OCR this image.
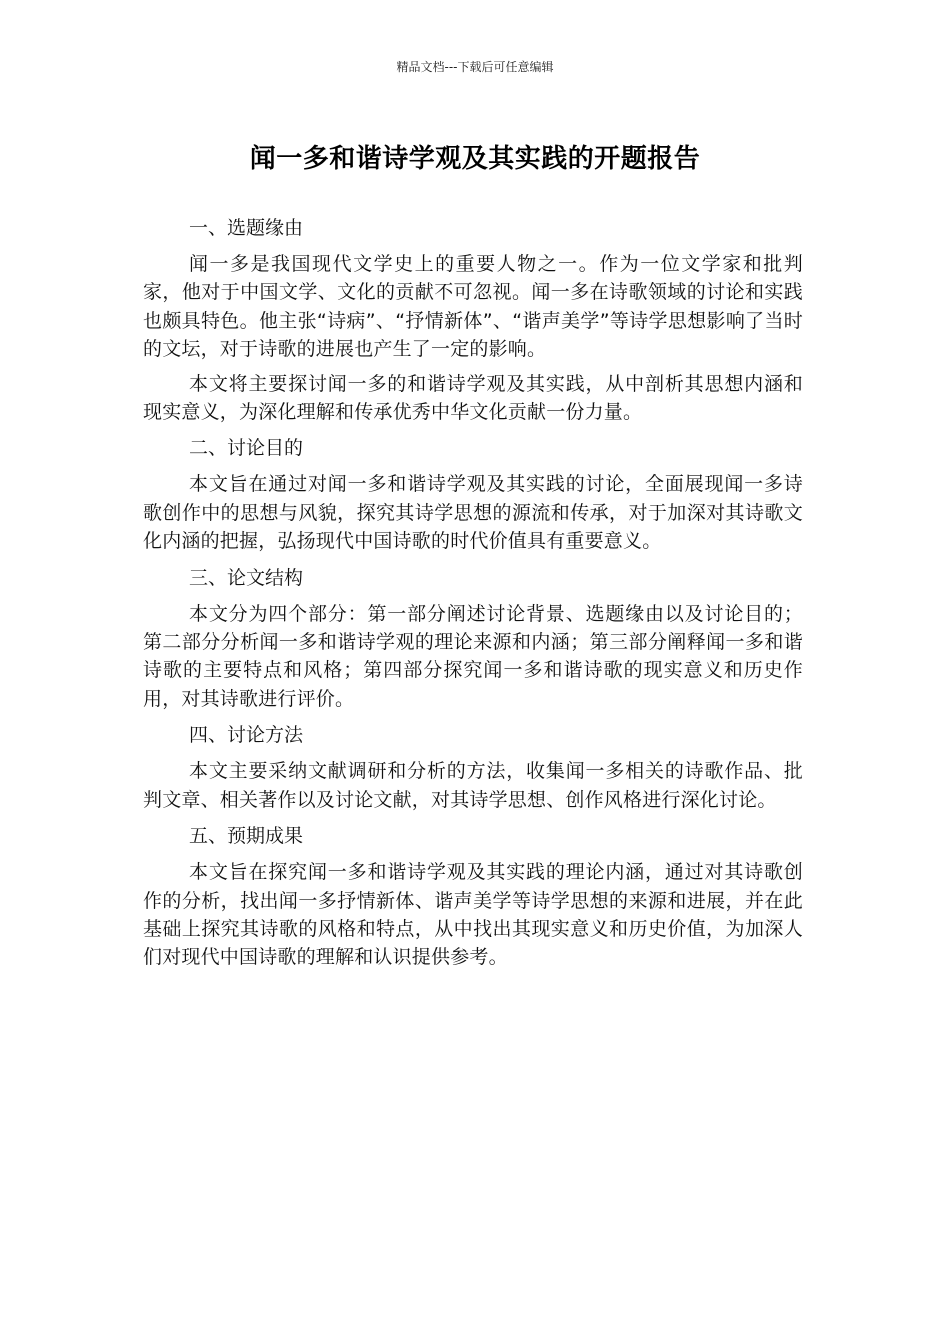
精品文档---下载后可任意编辑
闻一多和谐诗学观及其实践的开题报告
一、选题缘由

闻一多是我国现代文学史上的重要人物之一。作为一位文学家和批判家，他对于中国文学、文化的贡献不可忽视。闻一多在诗歌领域的讨论和实践也颇具特色。他主张“诗病”、“抒情新体”、“谐声美学”等诗学思想影响了当时的文坛，对于诗歌的进展也产生了一定的影响。

本文将主要探讨闻一多的和谐诗学观及其实践，从中剖析其思想内涵和现实意义，为深化理解和传承优秀中华文化贡献一份力量。

二、讨论目的

本文旨在通过对闻一多和谐诗学观及其实践的讨论，全面展现闻一多诗歌创作中的思想与风貌，探究其诗学思想的源流和传承，对于加深对其诗歌文化内涵的把握，弘扬现代中国诗歌的时代价值具有重要意义。

三、论文结构

本文分为四个部分：第一部分阐述讨论背景、选题缘由以及讨论目的；第二部分分析闻一多和谐诗学观的理论来源和内涵；第三部分阐释闻一多和谐诗歌的主要特点和风格；第四部分探究闻一多和谐诗歌的现实意义和历史作用，对其诗歌进行评价。

四、讨论方法

本文主要采纳文献调研和分析的方法，收集闻一多相关的诗歌作品、批判文章、相关著作以及讨论文献，对其诗学思想、创作风格进行深化讨论。

五、预期成果

本文旨在探究闻一多和谐诗学观及其实践的理论内涵，通过对其诗歌创作的分析，找出闻一多抒情新体、谐声美学等诗学思想的来源和进展，并在此基础上探究其诗歌的风格和特点，从中找出其现实意义和历史价值，为加深人们对现代中国诗歌的理解和认识提供参考。
